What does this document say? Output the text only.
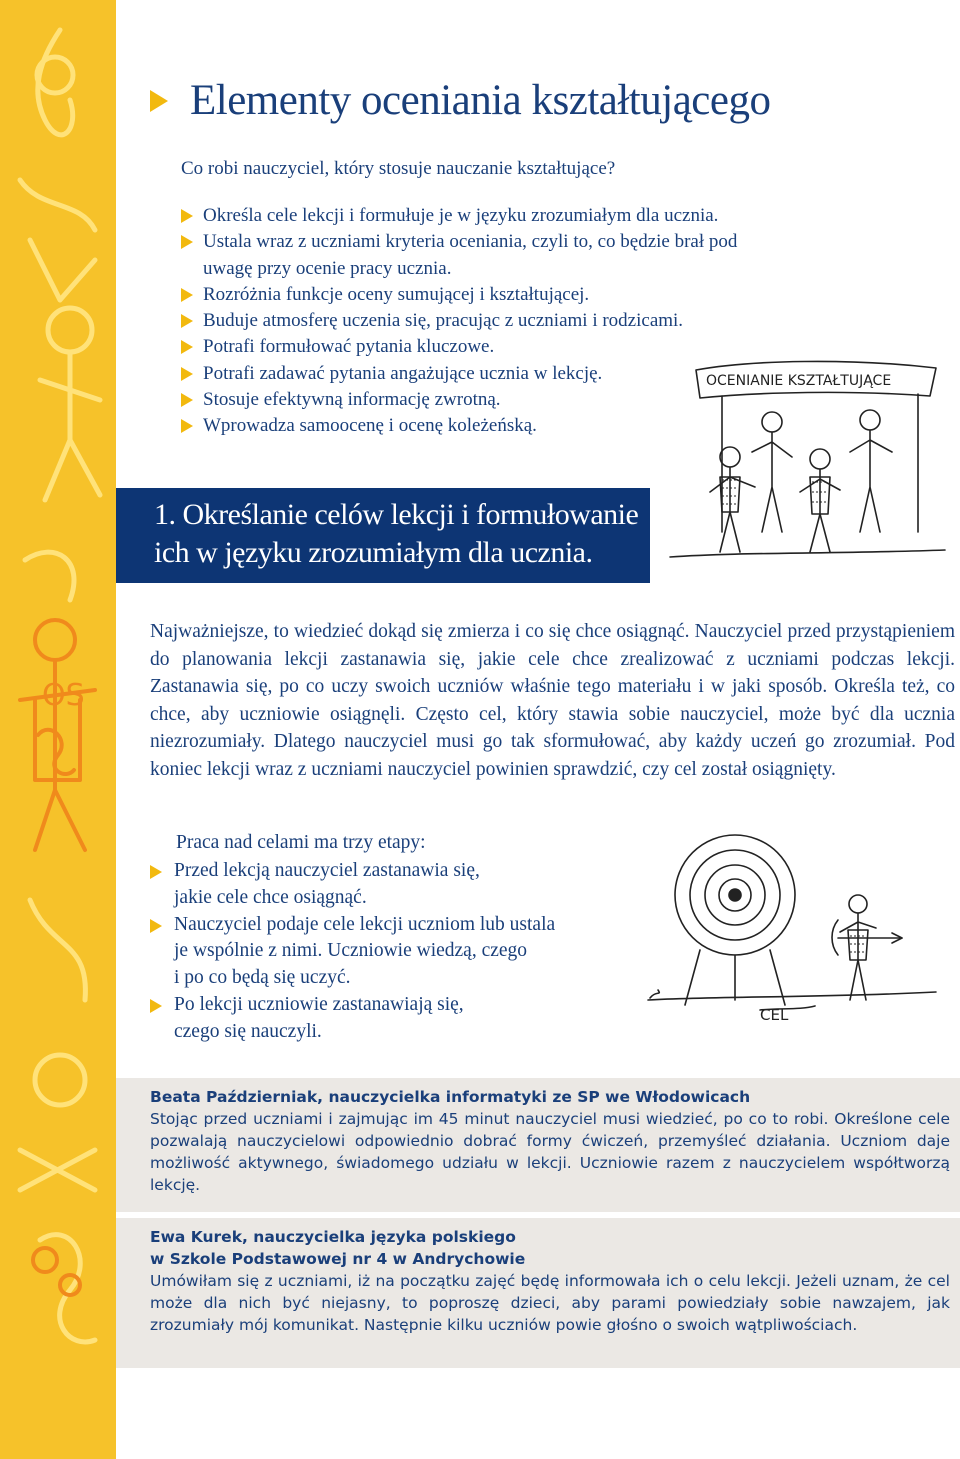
OS
Elementy oceniania kształtującego
Co robi nauczyciel, który stosuje nauczanie kształtujące?
Określa cele lekcji i formułuje je w języku zrozumiałym dla ucznia.
Ustala wraz z uczniami kryteria oceniania, czyli to, co będzie brał pod uwagę przy ocenie pracy ucznia.
Rozróżnia funkcje oceny sumującej i kształtującej.
Buduje atmosferę uczenia się, pracując z uczniami i rodzicami.
Potrafi formułować pytania kluczowe.
Potrafi zadawać pytania angażujące ucznia w lekcję.
Stosuje efektywną informację zwrotną.
Wprowadza samoocenę i ocenę koleżeńską.
OCENIANIE KSZTAŁTUJĄCE
1. Określanie celów lekcji i formułowanie
ich w języku zrozumiałym dla ucznia.
Najważniejsze, to wiedzieć dokąd się zmierza i co się chce osiągnąć. Nauczyciel przed przystąpieniem do planowania lekcji zastanawia się, jakie cele chce zrealizować z uczniami podczas lekcji. Zastanawia się, po co uczy swoich uczniów właśnie tego materiału i w jaki sposób. Określa też, co chce, aby uczniowie osiągnęli. Często cel, który stawia sobie nauczyciel, może być dla ucznia niezrozumiały. Dlatego nauczyciel musi go tak sformułować, aby każdy uczeń go zrozumiał. Pod koniec lekcji wraz z uczniami nauczyciel powinien sprawdzić, czy cel został osiągnięty.
Praca nad celami ma trzy etapy:
Przed lekcją nauczyciel zastanawia się,
jakie cele chce osiągnąć.
Nauczyciel podaje cele lekcji uczniom lub ustala
je wspólnie z nimi. Uczniowie wiedzą, czego
i po co będą się uczyć.
Po lekcji uczniowie zastanawiają się,
czego się nauczyli.
CEL
Beata Październiak, nauczycielka informatyki ze SP we Włodowicach
Stojąc przed uczniami i zajmując im 45 minut nauczyciel musi wiedzieć, po co to robi. Określone cele pozwalają nauczycielowi odpowiednio dobrać formy ćwiczeń, przemyśleć działania. Uczniom daje możliwość aktywnego, świadomego udziału w lekcji. Uczniowie razem z nauczycielem współtworzą lekcję.
Ewa Kurek, nauczycielka języka polskiego
w Szkole Podstawowej nr 4 w Andrychowie
Umówiłam się z uczniami, iż na początku zajęć będę informowała ich o celu lekcji. Jeżeli uznam, że cel może dla nich być niejasny, to poproszę dzieci, aby parami powiedziały sobie nawzajem, jak zrozumiały mój komunikat. Następnie kilku uczniów powie głośno o swoich wątpliwościach.
